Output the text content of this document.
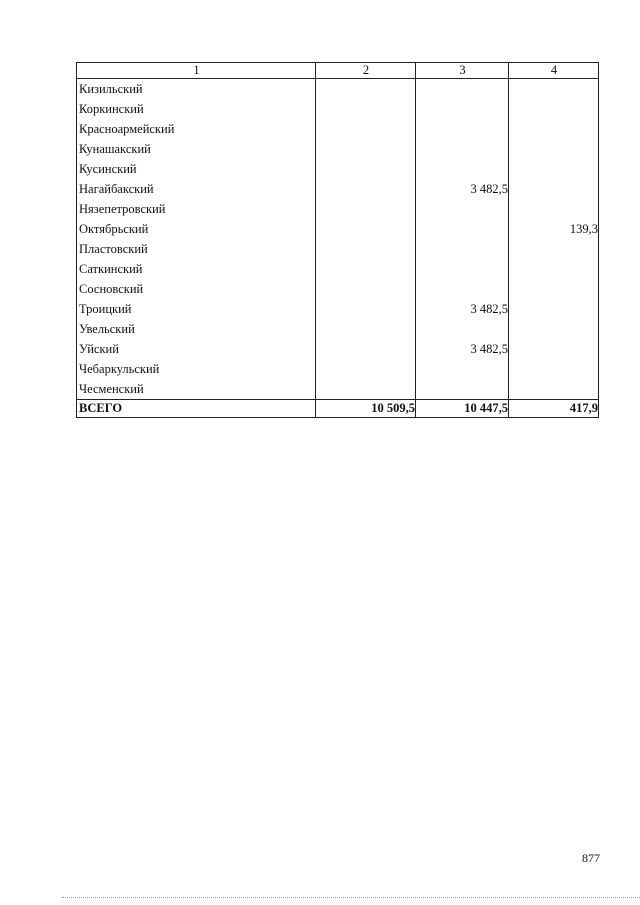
1	2	3	4
Кизильский			
Коркинский			
Красноармейский			
Кунашакский			
Кусинский			
Нагайбакский		3 482,5	
Нязепетровский			
Октябрьский			139,3
Пластовский			
Саткинский			
Сосновский			
Троицкий		3 482,5	
Увельский			
Уйский		3 482,5	
Чебаркульский			
Чесменский			
ВСЕГО	10 509,5	10 447,5	417,9
877
